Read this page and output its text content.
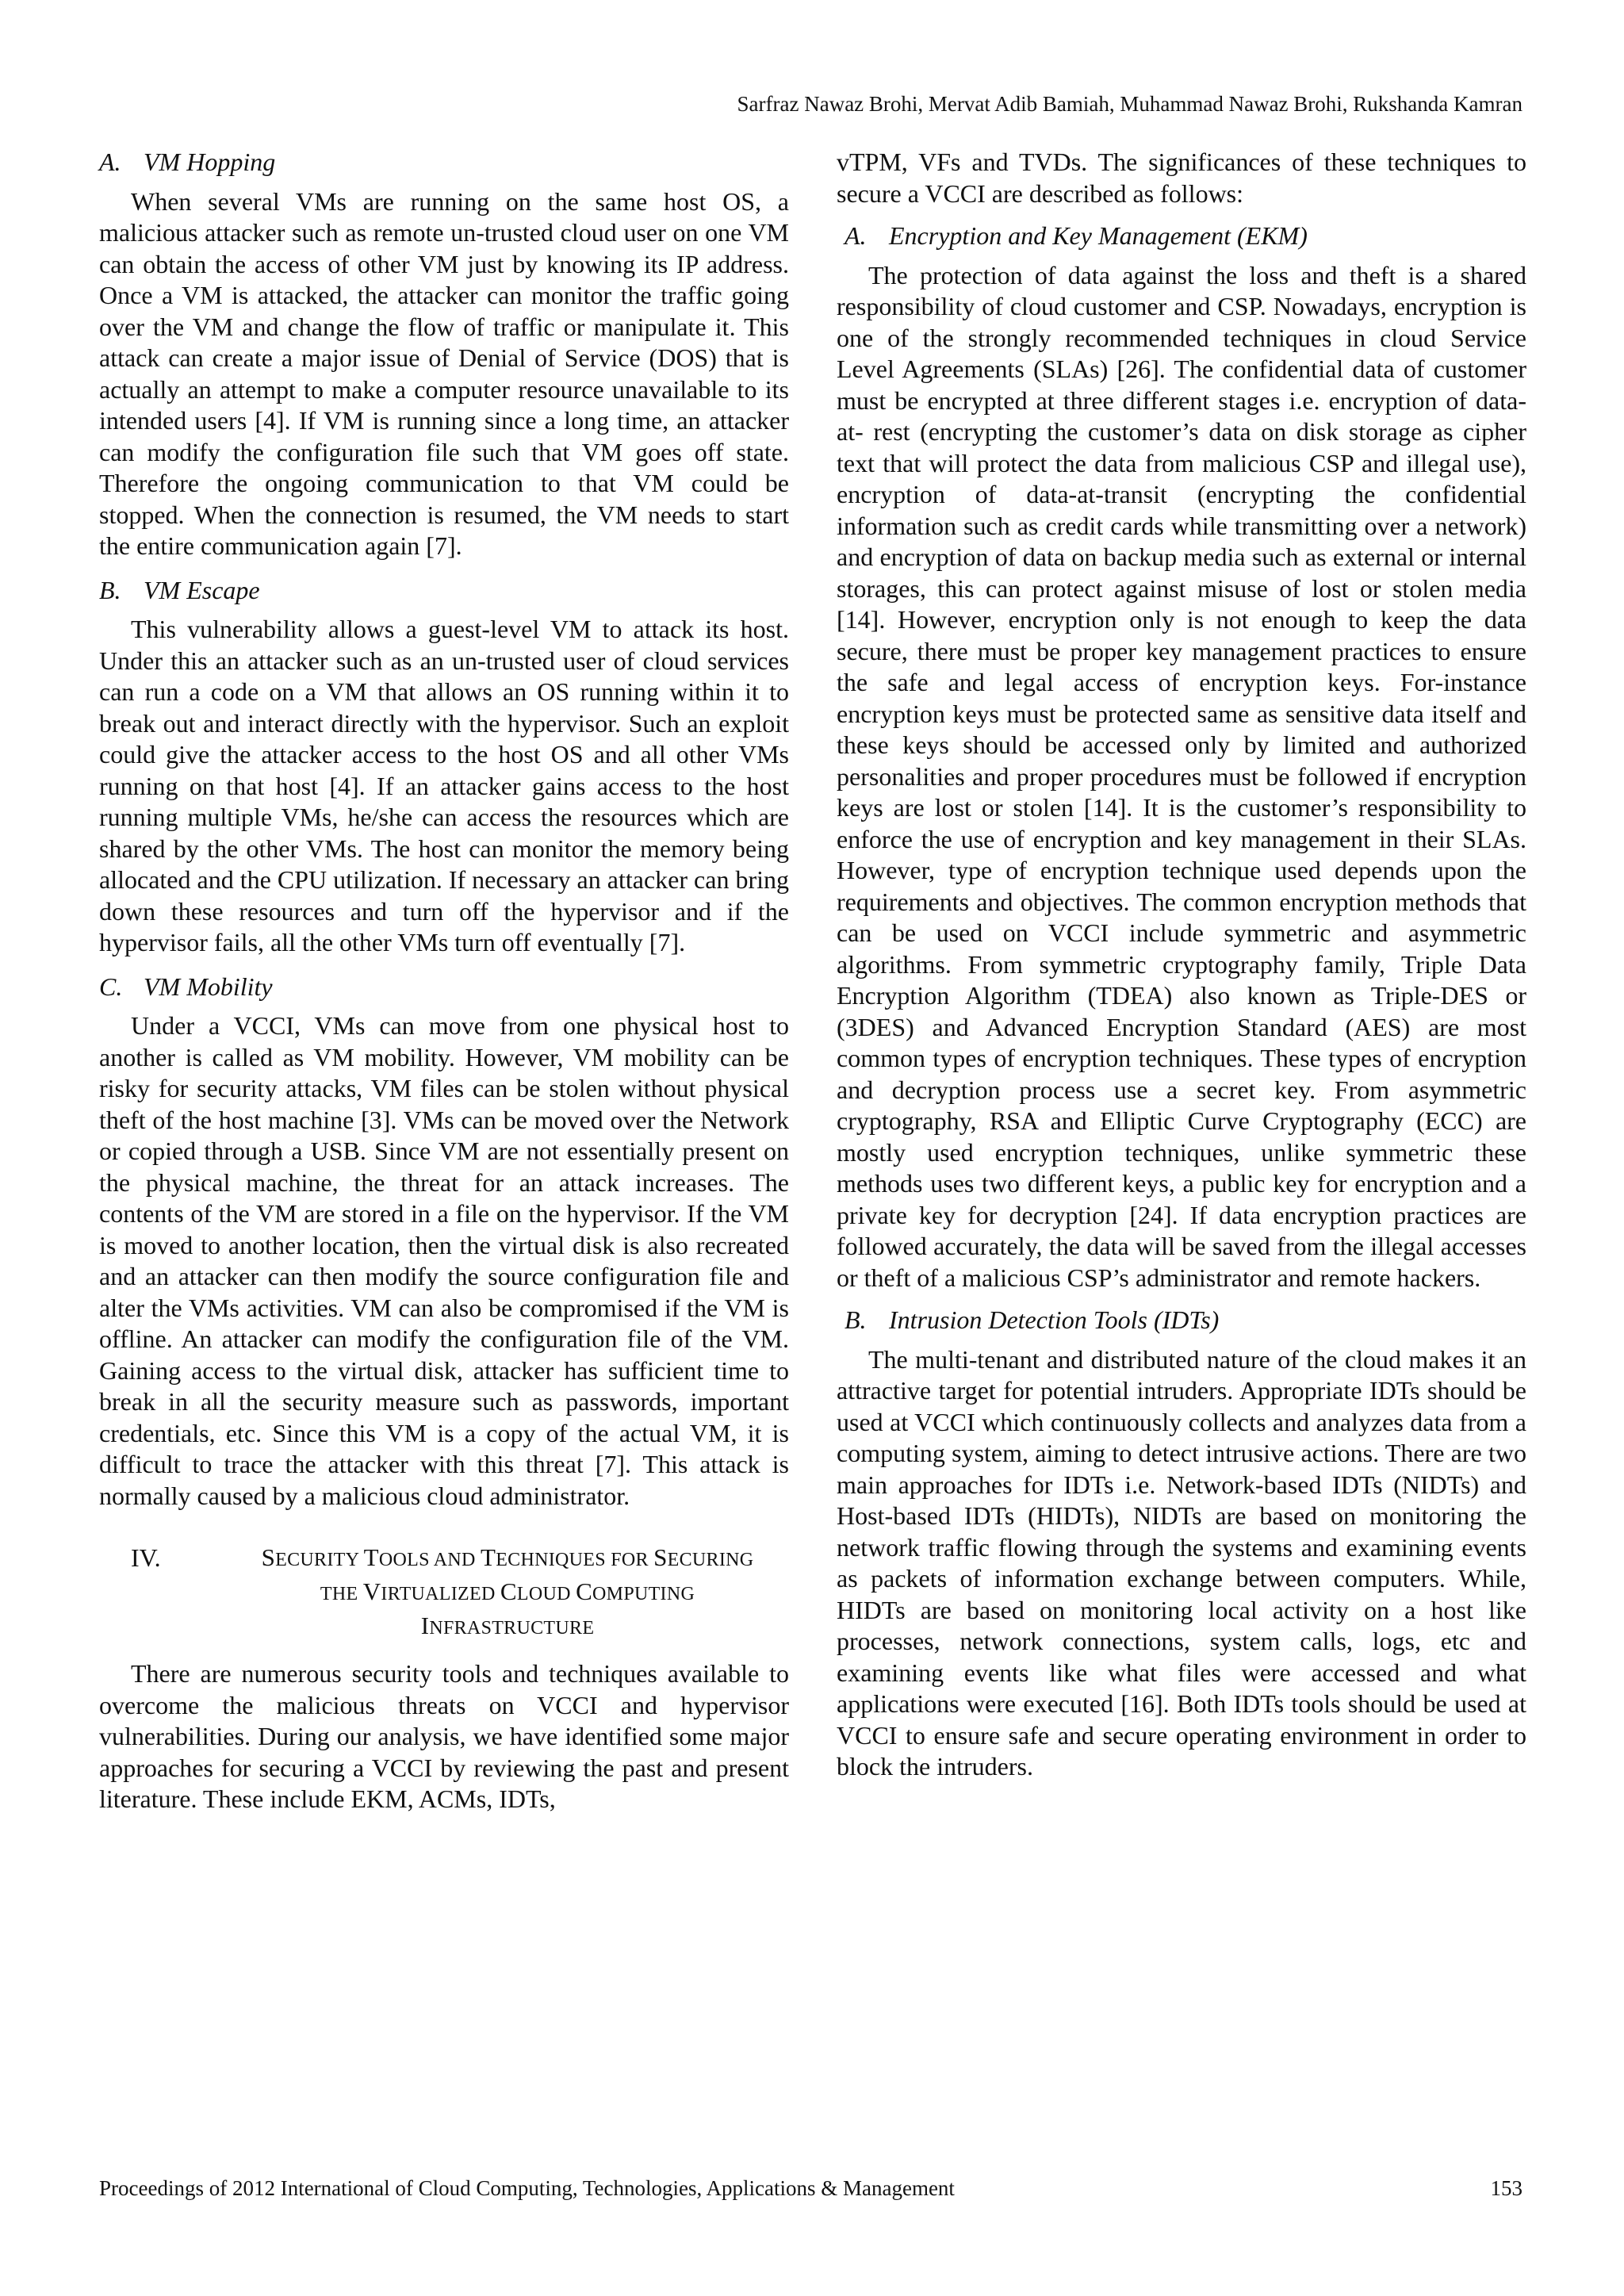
Sarfraz Nawaz Brohi, Mervat Adib Bamiah, Muhammad Nawaz Brohi, Rukshanda Kamran
A. VM Hopping

When several VMs are running on the same host OS, a malicious attacker such as remote un-trusted cloud user on one VM can obtain the access of other VM just by knowing its IP address. Once a VM is attacked, the attacker can monitor the traffic going over the VM and change the flow of traffic or manipulate it. This attack can create a major issue of Denial of Service (DOS) that is actually an attempt to make a computer resource unavailable to its intended users [4]. If VM is running since a long time, an attacker can modify the configuration file such that VM goes off state. Therefore the ongoing communication to that VM could be stopped. When the connection is resumed, the VM needs to start the entire communication again [7].

B. VM Escape

This vulnerability allows a guest-level VM to attack its host. Under this an attacker such as an un-trusted user of cloud services can run a code on a VM that allows an OS running within it to break out and interact directly with the hypervisor. Such an exploit could give the attacker access to the host OS and all other VMs running on that host [4]. If an attacker gains access to the host running multiple VMs, he/she can access the resources which are shared by the other VMs. The host can monitor the memory being allocated and the CPU utilization. If necessary an attacker can bring down these resources and turn off the hypervisor and if the hypervisor fails, all the other VMs turn off eventually [7].

C. VM Mobility

Under a VCCI, VMs can move from one physical host to another is called as VM mobility. However, VM mobility can be risky for security attacks, VM files can be stolen without physical theft of the host machine [3]. VMs can be moved over the Network or copied through a USB. Since VM are not essentially present on the physical machine, the threat for an attack increases. The contents of the VM are stored in a file on the hypervisor. If the VM is moved to another location, then the virtual disk is also recreated and an attacker can then modify the source configuration file and alter the VMs activities. VM can also be compromised if the VM is offline. An attacker can modify the configuration file of the VM. Gaining access to the virtual disk, attacker has sufficient time to break in all the security measure such as passwords, important credentials, etc. Since this VM is a copy of the actual VM, it is difficult to trace the attacker with this threat [7]. This attack is normally caused by a malicious cloud administrator.

IV.	SECURITY TOOLS AND TECHNIQUES FOR SECURING
THE VIRTUALIZED CLOUD COMPUTING
INFRASTRUCTURE

There are numerous security tools and techniques available to overcome the malicious threats on VCCI and hypervisor vulnerabilities. During our analysis, we have identified some major approaches for securing a VCCI by reviewing the past and present literature. These include EKM, ACMs, IDTs,

vTPM, VFs and TVDs. The significances of these techniques to secure a VCCI are described as follows:

A. Encryption and Key Management (EKM)

The protection of data against the loss and theft is a shared responsibility of cloud customer and CSP. Nowadays, encryption is one of the strongly recommended techniques in cloud Service Level Agreements (SLAs) [26]. The confidential data of customer must be encrypted at three different stages i.e. encryption of data- at- rest (encrypting the customer’s data on disk storage as cipher text that will protect the data from malicious CSP and illegal use), encryption of data-at-transit (encrypting the confidential information such as credit cards while transmitting over a network) and encryption of data on backup media such as external or internal storages, this can protect against misuse of lost or stolen media [14]. However, encryption only is not enough to keep the data secure, there must be proper key management practices to ensure the safe and legal access of encryption keys. For-instance encryption keys must be protected same as sensitive data itself and these keys should be accessed only by limited and authorized personalities and proper procedures must be followed if encryption keys are lost or stolen [14]. It is the customer’s responsibility to enforce the use of encryption and key management in their SLAs. However, type of encryption technique used depends upon the requirements and objectives. The common encryption methods that can be used on VCCI include symmetric and asymmetric algorithms. From symmetric cryptography family, Triple Data Encryption Algorithm (TDEA) also known as Triple-DES or (3DES) and Advanced Encryption Standard (AES) are most common types of encryption techniques. These types of encryption and decryption process use a secret key. From asymmetric cryptography, RSA and Elliptic Curve Cryptography (ECC) are mostly used encryption techniques, unlike symmetric these methods uses two different keys, a public key for encryption and a private key for decryption [24]. If data encryption practices are followed accurately, the data will be saved from the illegal accesses or theft of a malicious CSP’s administrator and remote hackers.

B. Intrusion Detection Tools (IDTs)

The multi-tenant and distributed nature of the cloud makes it an attractive target for potential intruders. Appropriate IDTs should be used at VCCI which continuously collects and analyzes data from a computing system, aiming to detect intrusive actions. There are two main approaches for IDTs i.e. Network-based IDTs (NIDTs) and Host-based IDTs (HIDTs), NIDTs are based on monitoring the network traffic flowing through the systems and examining events as packets of information exchange between computers. While, HIDTs are based on monitoring local activity on a host like processes, network connections, system calls, logs, etc and examining events like what files were accessed and what applications were executed [16]. Both IDTs tools should be used at VCCI to ensure safe and secure operating environment in order to block the intruders.

Proceedings of 2012 International of Cloud Computing, Technologies, Applications & Management	153
